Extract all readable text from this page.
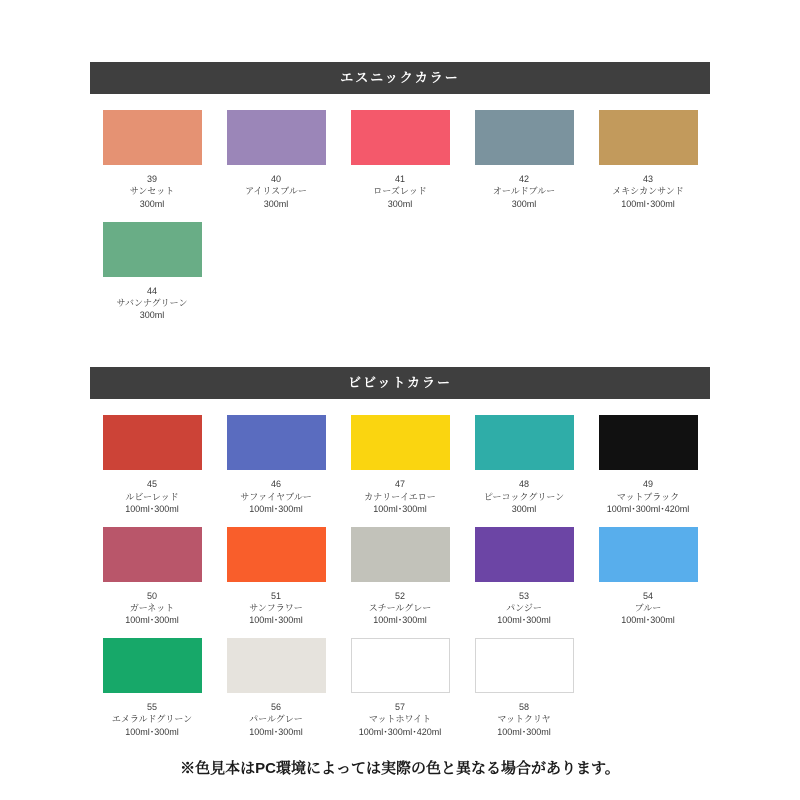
エスニックカラー
39
サンセット
300ml
40
アイリスブルー
300ml
41
ローズレッド
300ml
42
オールドブルー
300ml
43
メキシカンサンド
100ml･300ml
44
サバンナグリーン
300ml
ビビットカラー
45
ルビーレッド
100ml･300ml
46
サファイヤブルー
100ml･300ml
47
カナリーイエロー
100ml･300ml
48
ピーコックグリーン
300ml
49
マットブラック
100ml･300ml･420ml
50
ガーネット
100ml･300ml
51
サンフラワー
100ml･300ml
52
スチールグレー
100ml･300ml
53
パンジー
100ml･300ml
54
ブルー
100ml･300ml
55
エメラルドグリーン
100ml･300ml
56
パールグレー
100ml･300ml
57
マットホワイト
100ml･300ml･420ml
58
マットクリヤ
100ml･300ml
※色見本はPC環境によっては実際の色と異なる場合があります。
